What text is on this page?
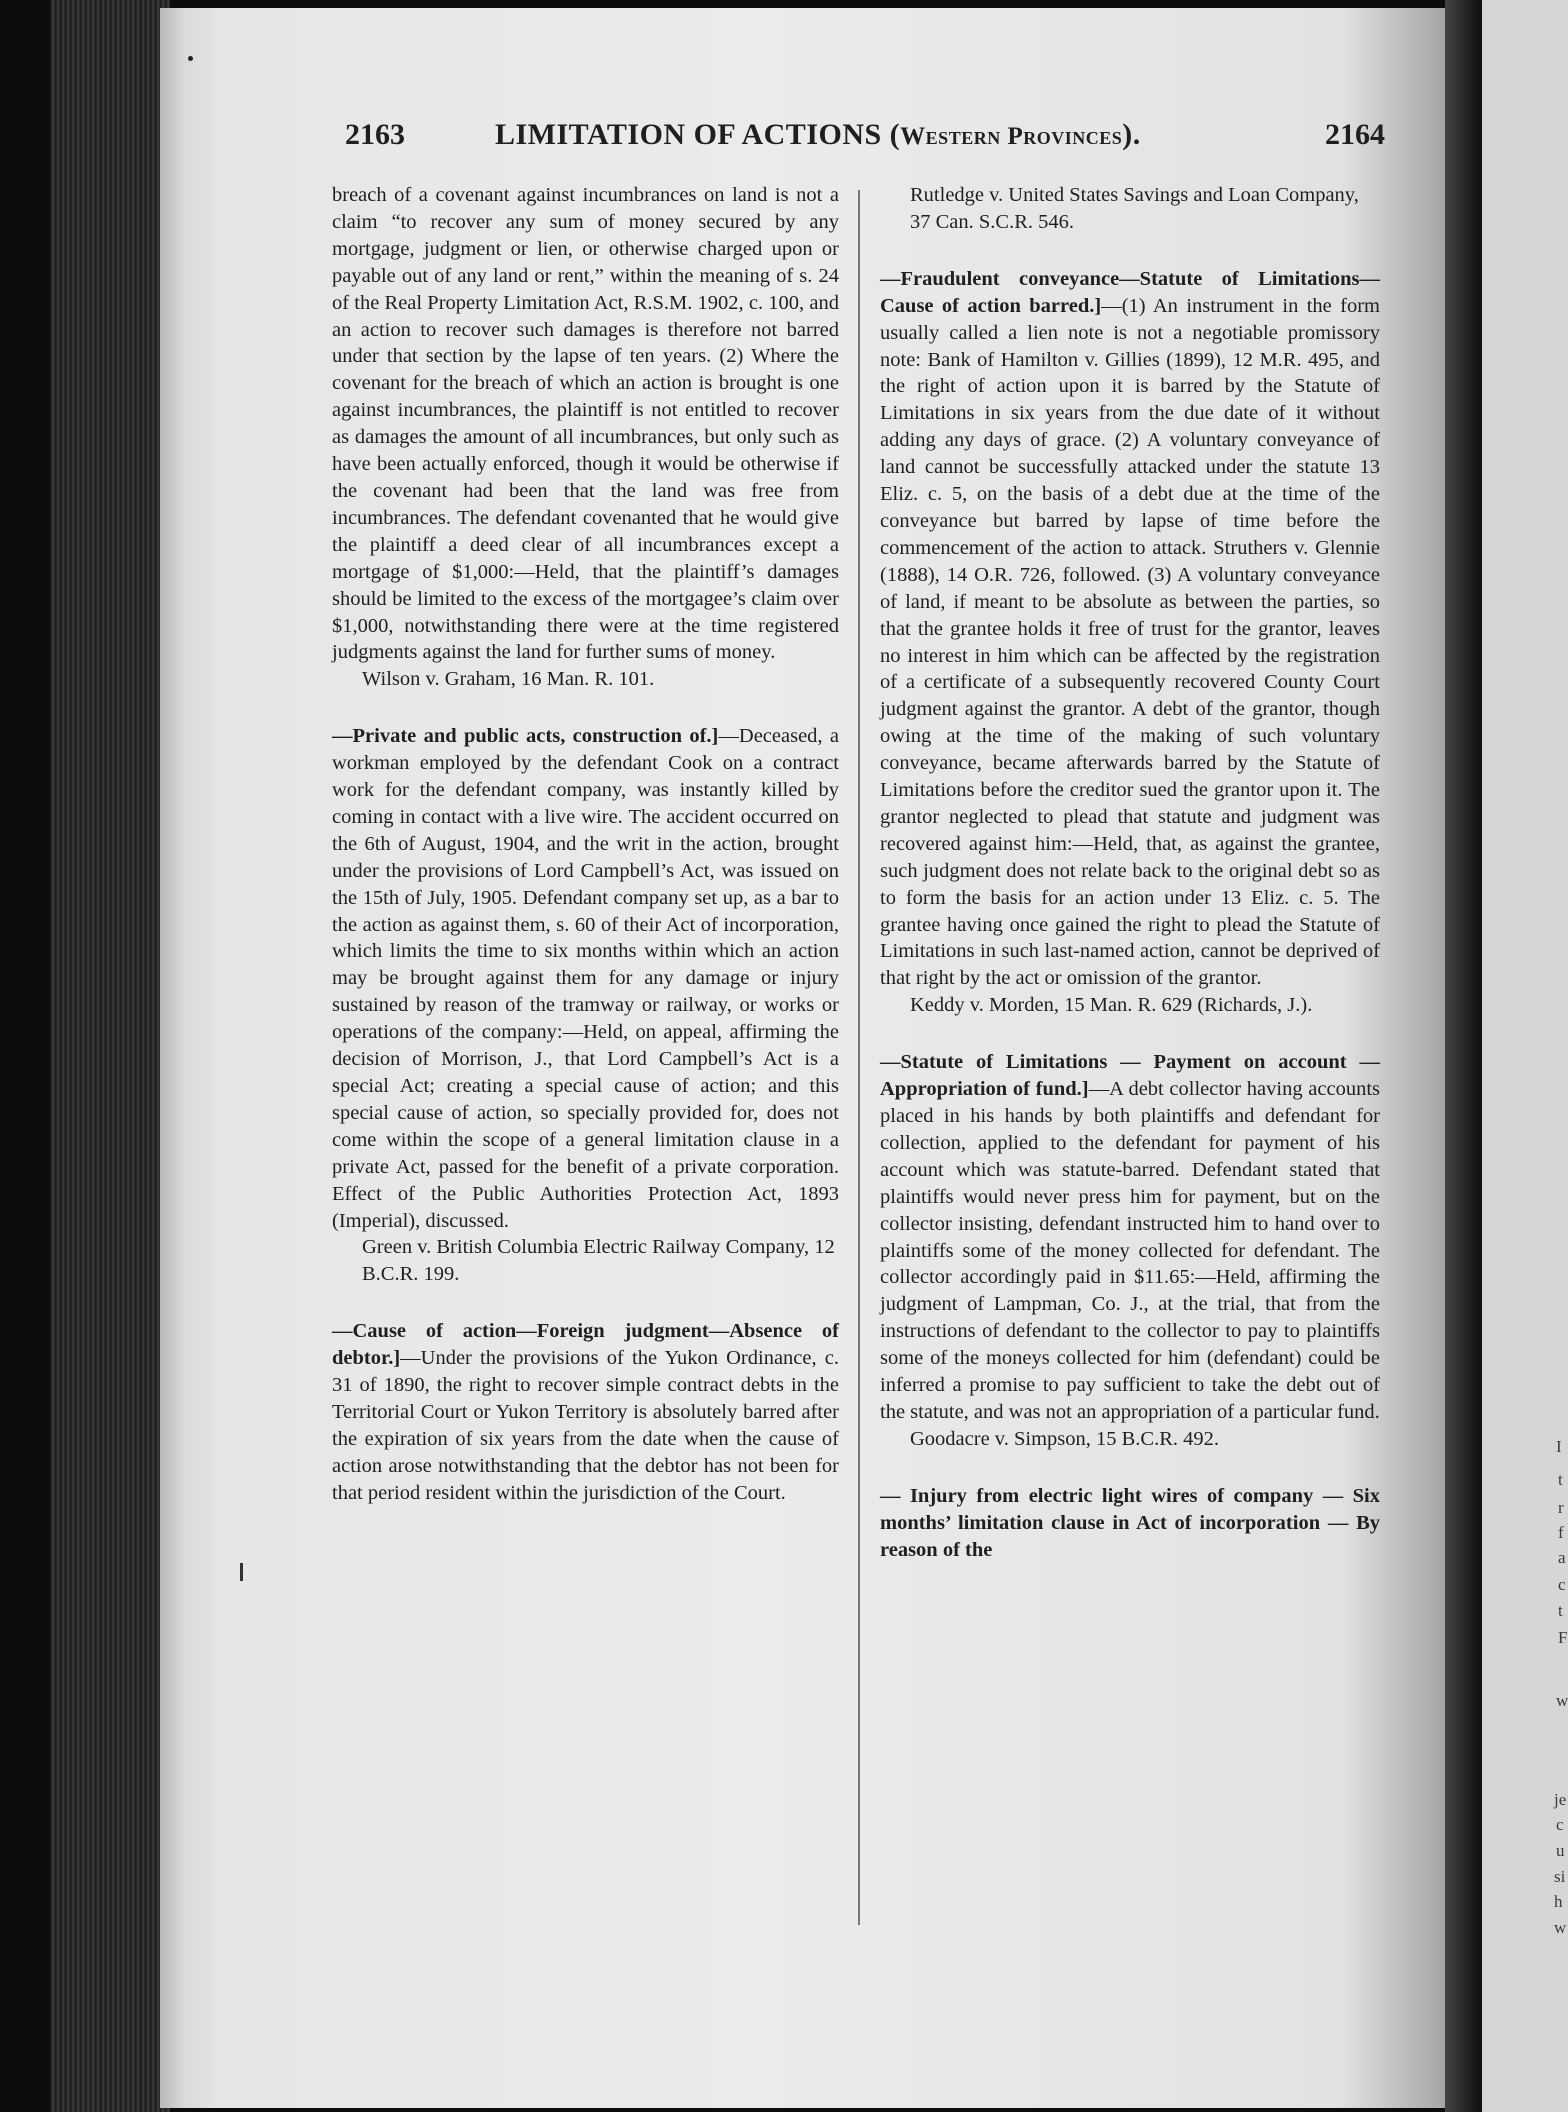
I
t
r
f
a
c
t
F
w
je
c
u
si
h
w
2163	LIMITATION OF ACTIONS (Western Provinces).	2164

breach of a covenant against incumbrances on land is not a claim “to recover any sum of money secured by any mortgage, judgment or lien, or otherwise charged upon or payable out of any land or rent,” within the meaning of s. 24 of the Real Property Limitation Act, R.S.M. 1902, c. 100, and an action to recover such damages is therefore not barred under that section by the lapse of ten years. (2) Where the covenant for the breach of which an action is brought is one against incumbrances, the plaintiff is not entitled to recover as damages the amount of all incumbrances, but only such as have been actually enforced, though it would be otherwise if the covenant had been that the land was free from incumbrances. The defendant covenanted that he would give the plaintiff a deed clear of all incumbrances except a mortgage of $1,000:—Held, that the plaintiff’s damages should be limited to the excess of the mortgagee’s claim over $1,000, notwithstanding there were at the time registered judgments against the land for further sums of money.

Wilson v. Graham, 16 Man. R. 101.

—Private and public acts, construction of.]—Deceased, a workman employed by the defendant Cook on a contract work for the defendant company, was instantly killed by coming in contact with a live wire. The accident occurred on the 6th of August, 1904, and the writ in the action, brought under the provisions of Lord Campbell’s Act, was issued on the 15th of July, 1905. Defendant company set up, as a bar to the action as against them, s. 60 of their Act of incorporation, which limits the time to six months within which an action may be brought against them for any damage or injury sustained by reason of the tramway or railway, or works or operations of the company:—Held, on appeal, affirming the decision of Morrison, J., that Lord Campbell’s Act is a special Act; creating a special cause of action; and this special cause of action, so specially provided for, does not come within the scope of a general limitation clause in a private Act, passed for the benefit of a private corporation. Effect of the Public Authorities Protection Act, 1893 (Imperial), discussed.

Green v. British Columbia Electric Railway Company, 12 B.C.R. 199.

—Cause of action—Foreign judgment—Absence of debtor.]—Under the provisions of the Yukon Ordinance, c. 31 of 1890, the right to recover simple contract debts in the Territorial Court or Yukon Territory is absolutely barred after the expiration of six years from the date when the cause of action arose notwithstanding that the debtor has not been for that period resident within the jurisdiction of the Court.

Rutledge v. United States Savings and Loan Company, 37 Can. S.C.R. 546.

—Fraudulent conveyance—Statute of Limitations—Cause of action barred.]—(1) An instrument in the form usually called a lien note is not a negotiable promissory note: Bank of Hamilton v. Gillies (1899), 12 M.R. 495, and the right of action upon it is barred by the Statute of Limitations in six years from the due date of it without adding any days of grace. (2) A voluntary conveyance of land cannot be successfully attacked under the statute 13 Eliz. c. 5, on the basis of a debt due at the time of the conveyance but barred by lapse of time before the commencement of the action to attack. Struthers v. Glennie (1888), 14 O.R. 726, followed. (3) A voluntary conveyance of land, if meant to be absolute as between the parties, so that the grantee holds it free of trust for the grantor, leaves no interest in him which can be affected by the registration of a certificate of a subsequently recovered County Court judgment against the grantor. A debt of the grantor, though owing at the time of the making of such voluntary conveyance, became afterwards barred by the Statute of Limitations before the creditor sued the grantor upon it. The grantor neglected to plead that statute and judgment was recovered against him:—Held, that, as against the grantee, such judgment does not relate back to the original debt so as to form the basis for an action under 13 Eliz. c. 5. The grantee having once gained the right to plead the Statute of Limitations in such last-named action, cannot be deprived of that right by the act or omission of the grantor.

Keddy v. Morden, 15 Man. R. 629 (Richards, J.).

—Statute of Limitations — Payment on account — Appropriation of fund.]—A debt collector having accounts placed in his hands by both plaintiffs and defendant for collection, applied to the defendant for payment of his account which was statute-barred. Defendant stated that plaintiffs would never press him for payment, but on the collector insisting, defendant instructed him to hand over to plaintiffs some of the money collected for defendant. The collector accordingly paid in $11.65:—Held, affirming the judgment of Lampman, Co. J., at the trial, that from the instructions of defendant to the collector to pay to plaintiffs some of the moneys collected for him (defendant) could be inferred a promise to pay sufficient to take the debt out of the statute, and was not an appropriation of a particular fund.

Goodacre v. Simpson, 15 B.C.R. 492.

— Injury from electric light wires of company — Six months’ limitation clause in Act of incorporation — By reason of the
